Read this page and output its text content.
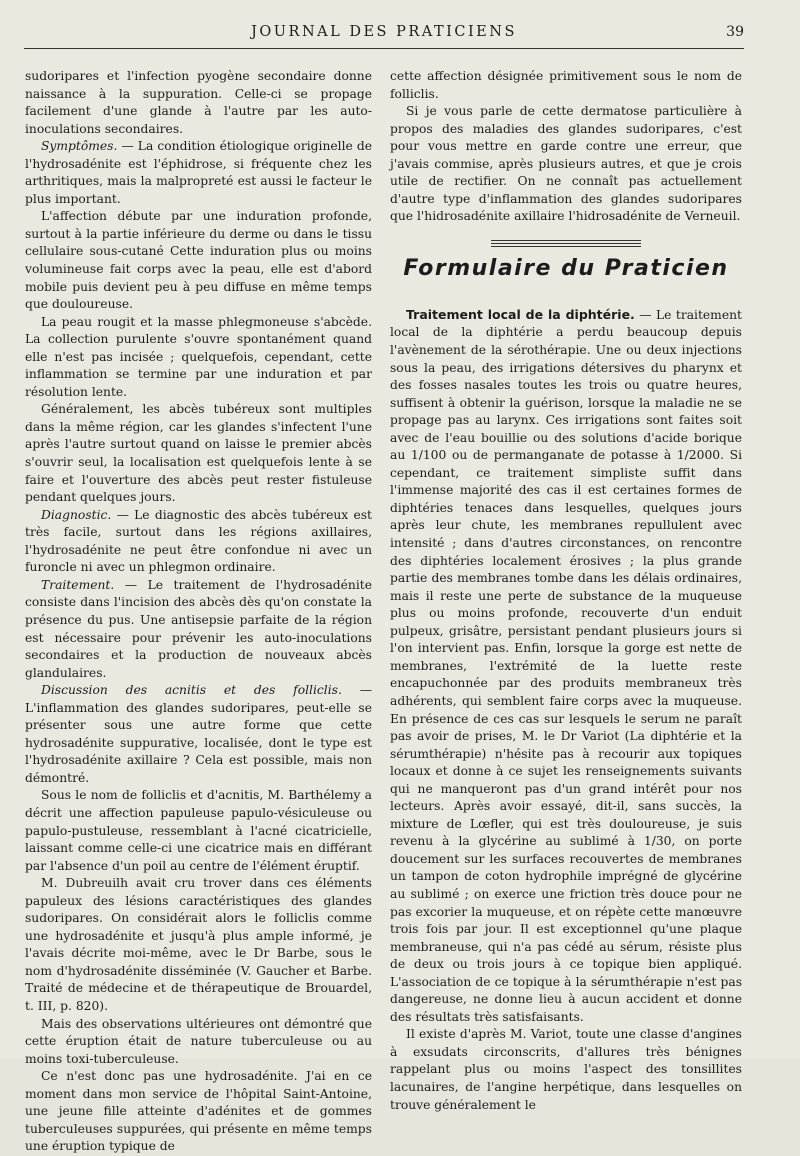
JOURNAL DES PRATICIENS	39

sudoripares et l'infection pyogène secondaire donne naissance à la suppuration. Celle-ci se propage facilement d'une glande à l'autre par les auto-inoculations secondaires.

Symptômes. — La condition étiologique originelle de l'hydrosadénite est l'éphidrose, si fréquente chez les arthritiques, mais la malpropreté est aussi le facteur le plus important.

L'affection débute par une induration profonde, surtout à la partie inférieure du derme ou dans le tissu cellulaire sous-cutané Cette induration plus ou moins volumineuse fait corps avec la peau, elle est d'abord mobile puis devient peu à peu diffuse en même temps que douloureuse.

La peau rougit et la masse phlegmoneuse s'abcède. La collection purulente s'ouvre spontanément quand elle n'est pas incisée ; quelquefois, cependant, cette inflammation se termine par une induration et par résolution lente.

Généralement, les abcès tubéreux sont multiples dans la même région, car les glandes s'infectent l'une après l'autre surtout quand on laisse le premier abcès s'ouvrir seul, la localisation est quelquefois lente à se faire et l'ouverture des abcès peut rester fistuleuse pendant quelques jours.

Diagnostic. — Le diagnostic des abcès tubéreux est très facile, surtout dans les régions axillaires, l'hydrosadénite ne peut être confondue ni avec un furoncle ni avec un phlegmon ordinaire.

Traitement. — Le traitement de l'hydrosadénite consiste dans l'incision des abcès dès qu'on constate la présence du pus. Une antisepsie parfaite de la région est nécessaire pour prévenir les auto-inoculations secondaires et la production de nouveaux abcès glandulaires.

Discussion des acnitis et des folliclis. — L'inflammation des glandes sudoripares, peut-elle se présenter sous une autre forme que cette hydrosadénite suppurative, localisée, dont le type est l'hydrosadénite axillaire ? Cela est possible, mais non démontré.

Sous le nom de folliclis et d'acnitis, M. Barthélemy a décrit une affection papuleuse papulo-vésiculeuse ou papulo-pustuleuse, ressemblant à l'acné cicatricielle, laissant comme celle-ci une cicatrice mais en différant par l'absence d'un poil au centre de l'élément éruptif.

M. Dubreuilh avait cru trover dans ces éléments papuleux des lésions caractéristiques des glandes sudoripares. On considérait alors le folliclis comme une hydrosadénite et jusqu'à plus ample informé, je l'avais décrite moi-même, avec le Dr Barbe, sous le nom d'hydrosadénite disséminée (V. Gaucher et Barbe. Traité de médecine et de thérapeutique de Brouardel, t. III, p. 820).

Mais des observations ultérieures ont démontré que cette éruption était de nature tuberculeuse ou au moins toxi-tuberculeuse.

Ce n'est donc pas une hydrosadénite. J'ai en ce moment dans mon service de l'hôpital Saint-Antoine, une jeune fille atteinte d'adénites et de gommes tuberculeuses suppurées, qui présente en même temps une éruption typique de

cette affection désignée primitivement sous le nom de folliclis.

Si je vous parle de cette dermatose particulière à propos des maladies des glandes sudoripares, c'est pour vous mettre en garde contre une erreur, que j'avais commise, après plusieurs autres, et que je crois utile de rectifier. On ne connaît pas actuellement d'autre type d'inflammation des glandes sudoripares que l'hidrosadénite axillaire l'hidrosadénite de Verneuil.

Formulaire du Praticien

Traitement local de la diphtérie. — Le traitement local de la diphtérie a perdu beaucoup depuis l'avènement de la sérothérapie. Une ou deux injections sous la peau, des irrigations détersives du pharynx et des fosses nasales toutes les trois ou quatre heures, suffisent à obtenir la guérison, lorsque la maladie ne se propage pas au larynx. Ces irrigations sont faites soit avec de l'eau bouillie ou des solutions d'acide borique au 1/100 ou de permanganate de potasse à 1/2000. Si cependant, ce traitement simpliste suffit dans l'immense majorité des cas il est certaines formes de diphtéries tenaces dans lesquelles, quelques jours après leur chute, les membranes repullulent avec intensité ; dans d'autres circonstances, on rencontre des diphtéries localement érosives ; la plus grande partie des membranes tombe dans les délais ordinaires, mais il reste une perte de substance de la muqueuse plus ou moins profonde, recouverte d'un enduit pulpeux, grisâtre, persistant pendant plusieurs jours si l'on intervient pas. Enfin, lorsque la gorge est nette de membranes, l'extrémité de la luette reste encapuchonnée par des produits membraneux très adhérents, qui semblent faire corps avec la muqueuse. En présence de ces cas sur lesquels le serum ne paraît pas avoir de prises, M. le Dr Variot (La diphtérie et la sérumthérapie) n'hésite pas à recourir aux topiques locaux et donne à ce sujet les renseignements suivants qui ne manqueront pas d'un grand intérêt pour nos lecteurs. Après avoir essayé, dit-il, sans succès, la mixture de Lœfler, qui est très douloureuse, je suis revenu à la glycérine au sublimé à 1/30, on porte doucement sur les surfaces recouvertes de membranes un tampon de coton hydrophile imprégné de glycérine au sublimé ; on exerce une friction très douce pour ne pas excorier la muqueuse, et on répète cette manœuvre trois fois par jour. Il est exceptionnel qu'une plaque membraneuse, qui n'a pas cédé au sérum, résiste plus de deux ou trois jours à ce topique bien appliqué. L'association de ce topique à la sérumthérapie n'est pas dangereuse, ne donne lieu à aucun accident et donne des résultats très satisfaisants.

Il existe d'après M. Variot, toute une classe d'angines à exsudats circonscrits, d'allures très bénignes rappelant plus ou moins l'aspect des tonsillites lacunaires, de l'angine herpétique, dans lesquelles on trouve généralement le
